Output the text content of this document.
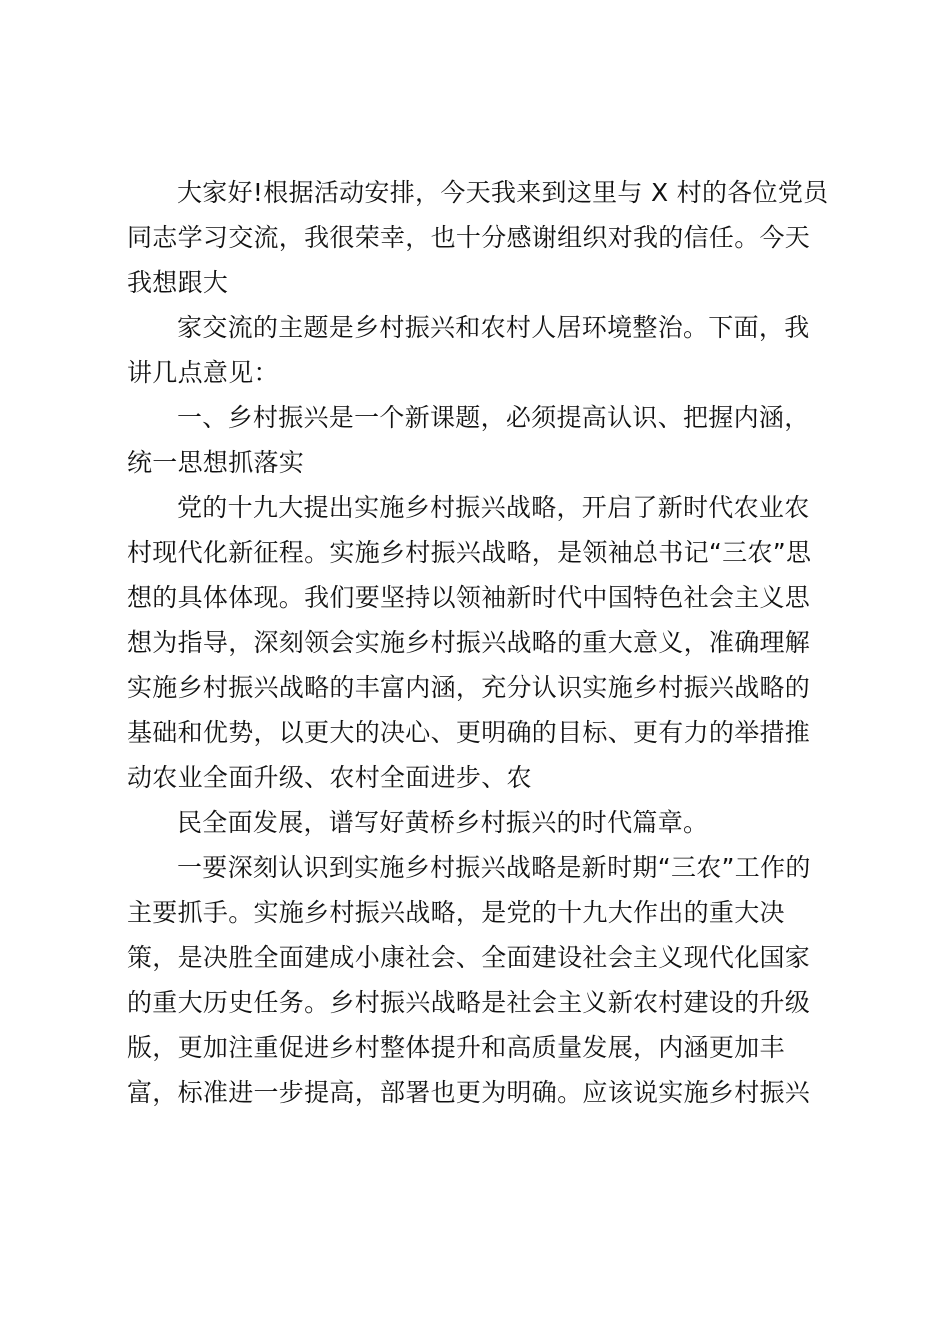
大家好!根据活动安排，今天我来到这里与 X 村的各位党员
同志学习交流，我很荣幸，也十分感谢组织对我的信任。今天
我想跟大
家交流的主题是乡村振兴和农村人居环境整治。下面，我
讲几点意见：
一、乡村振兴是一个新课题，必须提高认识、把握内涵，
统一思想抓落实
党的十九大提出实施乡村振兴战略，开启了新时代农业农
村现代化新征程。实施乡村振兴战略，是领袖总书记“三农”思
想的具体体现。我们要坚持以领袖新时代中国特色社会主义思
想为指导，深刻领会实施乡村振兴战略的重大意义，准确理解
实施乡村振兴战略的丰富内涵，充分认识实施乡村振兴战略的
基础和优势，以更大的决心、更明确的目标、更有力的举措推
动农业全面升级、农村全面进步、农
民全面发展，谱写好黄桥乡村振兴的时代篇章。
一要深刻认识到实施乡村振兴战略是新时期“三农”工作的
主要抓手。实施乡村振兴战略，是党的十九大作出的重大决
策，是决胜全面建成小康社会、全面建设社会主义现代化国家
的重大历史任务。乡村振兴战略是社会主义新农村建设的升级
版，更加注重促进乡村整体提升和高质量发展，内涵更加丰
富，标准进一步提高，部署也更为明确。应该说实施乡村振兴
